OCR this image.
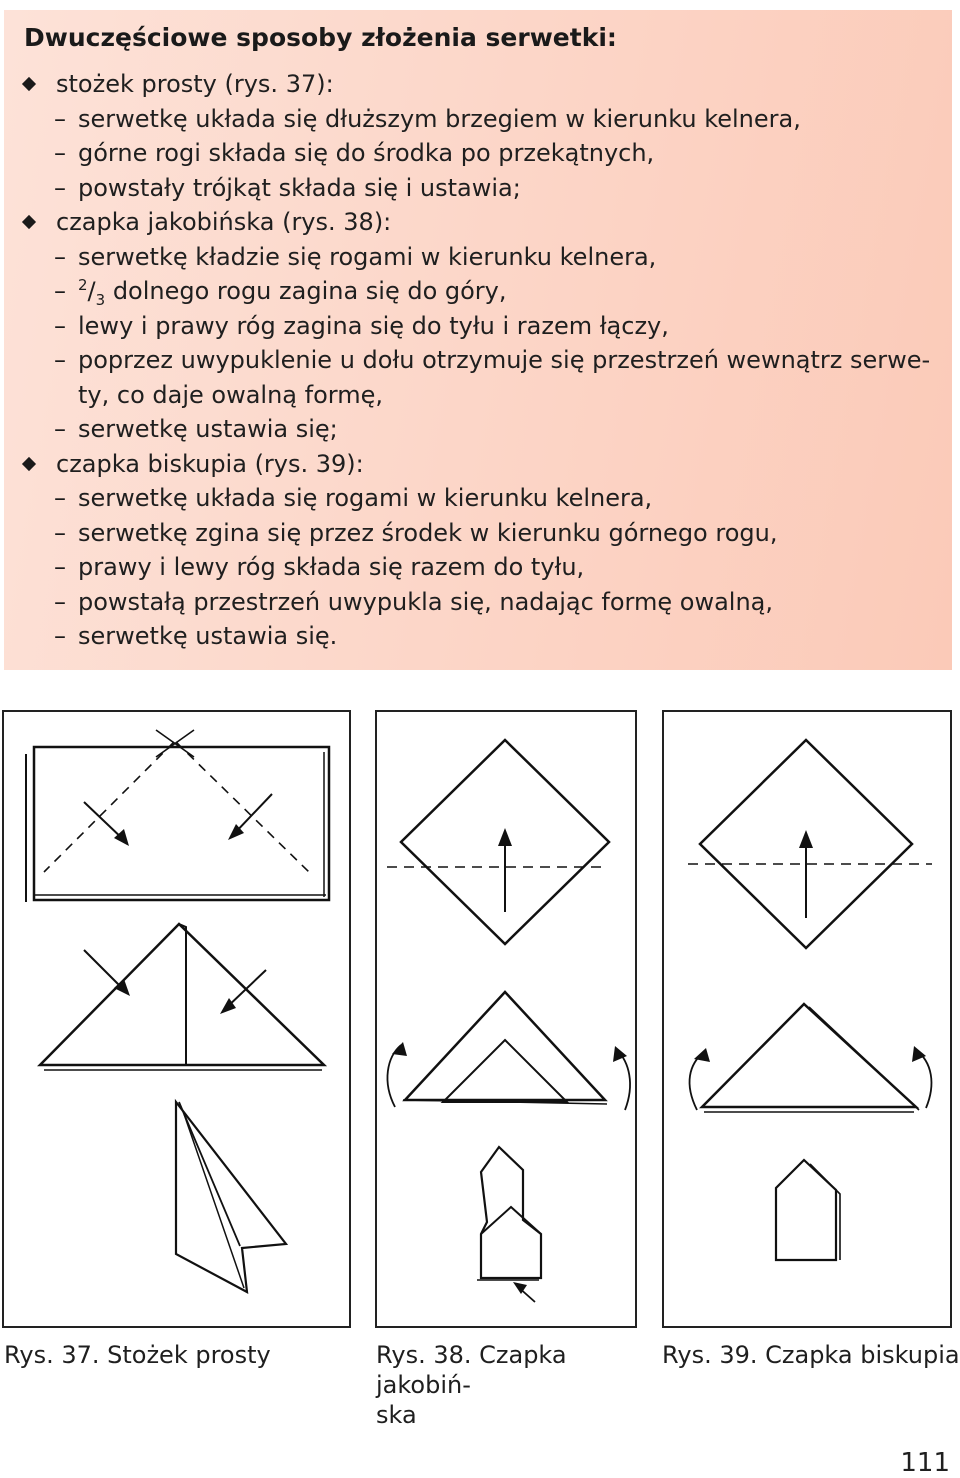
Dwuczęściowe sposoby złożenia serwetki:
stożek prosty (rys. 37):
– serwetkę układa się dłuższym brzegiem w kierunku kelnera,
– górne rogi składa się do środka po przekątnych,
– powstały trójkąt składa się i ustawia;
czapka jakobińska (rys. 38):
– serwetkę kładzie się rogami w kierunku kelnera,
– $^2/_3$ dolnego rogu zagina się do góry,
– lewy i prawy róg zagina się do tyłu i razem łączy,
– poprzez uwypuklenie u dołu otrzymuje się przestrzeń wewnątrz serwe-
ty, co daje owalną formę,
– serwetkę ustawia się;
czapka biskupia (rys. 39):
– serwetkę układa się rogami w kierunku kelnera,
– serwetkę zgina się przez środek w kierunku górnego rogu,
– prawy i lewy róg składa się razem do tyłu,
– powstałą przestrzeń uwypukla się, nadając formę owalną,
– serwetkę ustawia się.
Rys. 37. Stożek prosty	Rys. 38. Czapka jakobiń-
ska
Rys. 39. Czapka biskupia
111
